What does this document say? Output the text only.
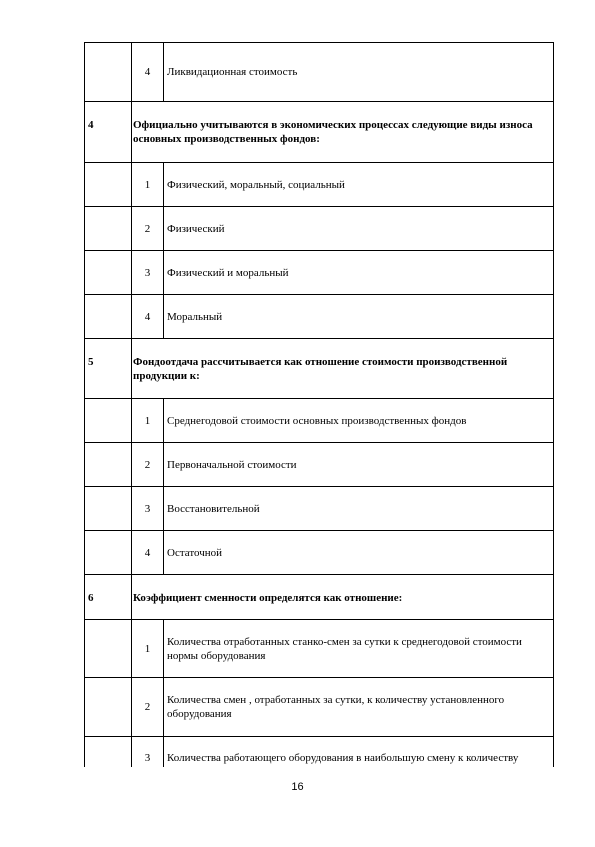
	4	Ликвидационная стоимость
4	Официально учитываются в экономических процессах следующие виды износа основных производственных фондов:	
	1	Физический, моральный, социальный
	2	Физический
	3	Физический и моральный
	4	Моральный
5	Фондоотдача рассчитывается как отношение стоимости производственной продукции к:	
	1	Среднегодовой стоимости основных производственных фондов
	2	Первоначальной стоимости
	3	Восстановительной
	4	Остаточной
6	Коэффициент сменности определятся как отношение:	
	1	Количества отработанных станко-смен за сутки к среднегодовой стоимости нормы оборудования
	2	Количества смен , отработанных за сутки, к количеству установленного оборудования
	3	Количества работающего оборудования в наибольшую смену к количеству
16
